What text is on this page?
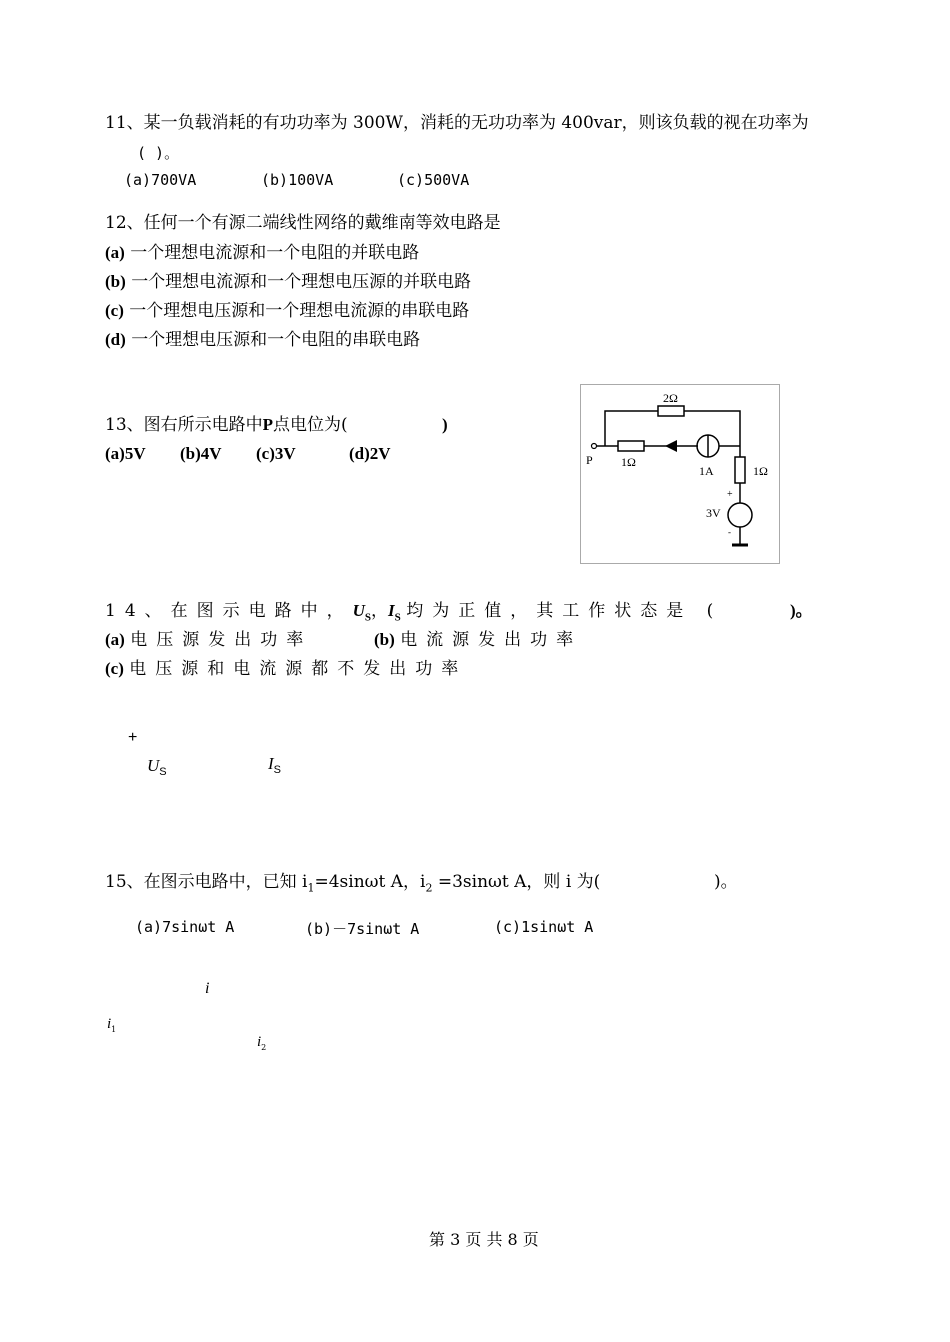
11、某一负载消耗的有功功率为 300W，消耗的无功功率为 400var，则该负载的视在功率为
( )。
(a)700VA	(b)100VA	(c)500VA
12、任何一个有源二端线性网络的戴维南等效电路是
(a) 一个理想电流源和一个电阻的并联电路
(b) 一个理想电流源和一个理想电压源的并联电路
(c) 一个理想电压源和一个理想电流源的串联电路
(d) 一个理想电压源和一个电阻的串联电路
13、图右所示电路中P点电位为(	)
(a)5V (b)4V (c)3V	(d)2V
2Ω
1Ω
1Ω
P
1A
3V
+
-
14、在图示电路中，$U_S$，$I_S$ 均为正值，其工作状态是 (	)。
(a) 电压源发出功率	(b) 电流源发出功率
(c) 电压源和电流源都不发出功率
+
$U_S$	$I_S$
15、在图示电路中，已知 $i_1=4\sin\omega t$ A，$i_2 =3\sin\omega t$ A，则 i 为(	)。
(a)7sinωt A	(b)－7sinωt A	(c)1sinωt A
i
$i_1$
$i_2$
第 3 页 共 8 页
